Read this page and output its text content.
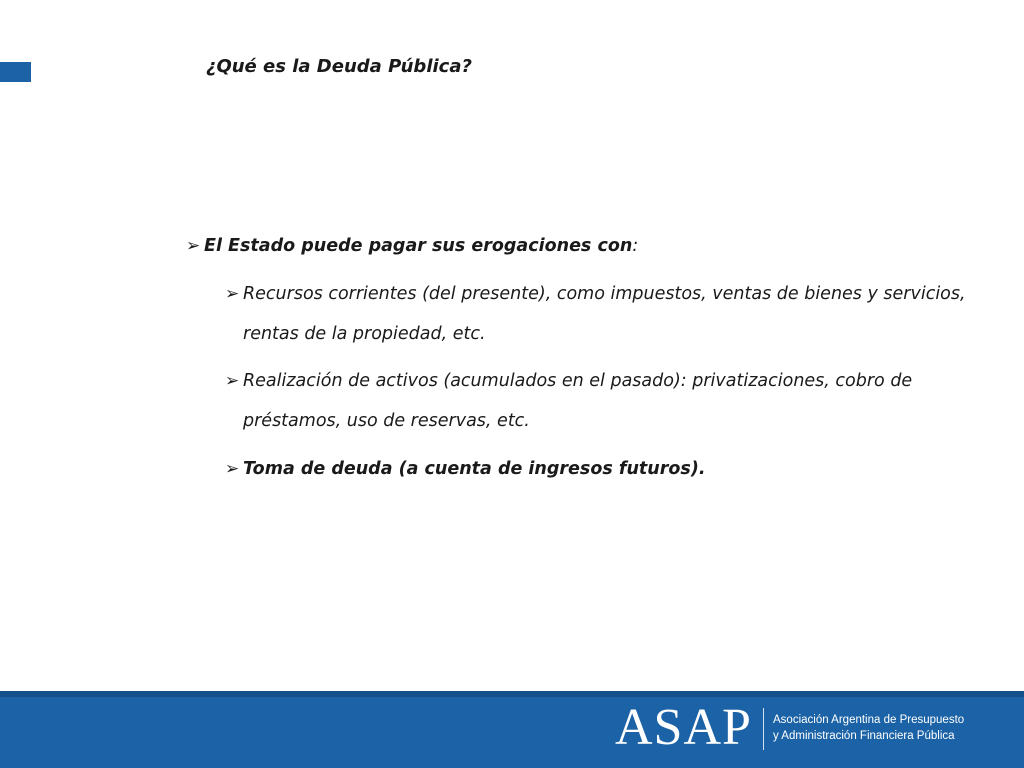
¿Qué es la Deuda Pública?
➢ El Estado puede pagar sus erogaciones con:
➢ Recursos corrientes (del presente), como impuestos, ventas de bienes y servicios,
rentas de la propiedad, etc.
➢ Realización de activos (acumulados en el pasado): privatizaciones, cobro de
préstamos, uso de reservas, etc.
➢ Toma de deuda (a cuenta de ingresos futuros).
ASAP Asociación Argentina de Presupuesto
y Administración Financiera Pública
